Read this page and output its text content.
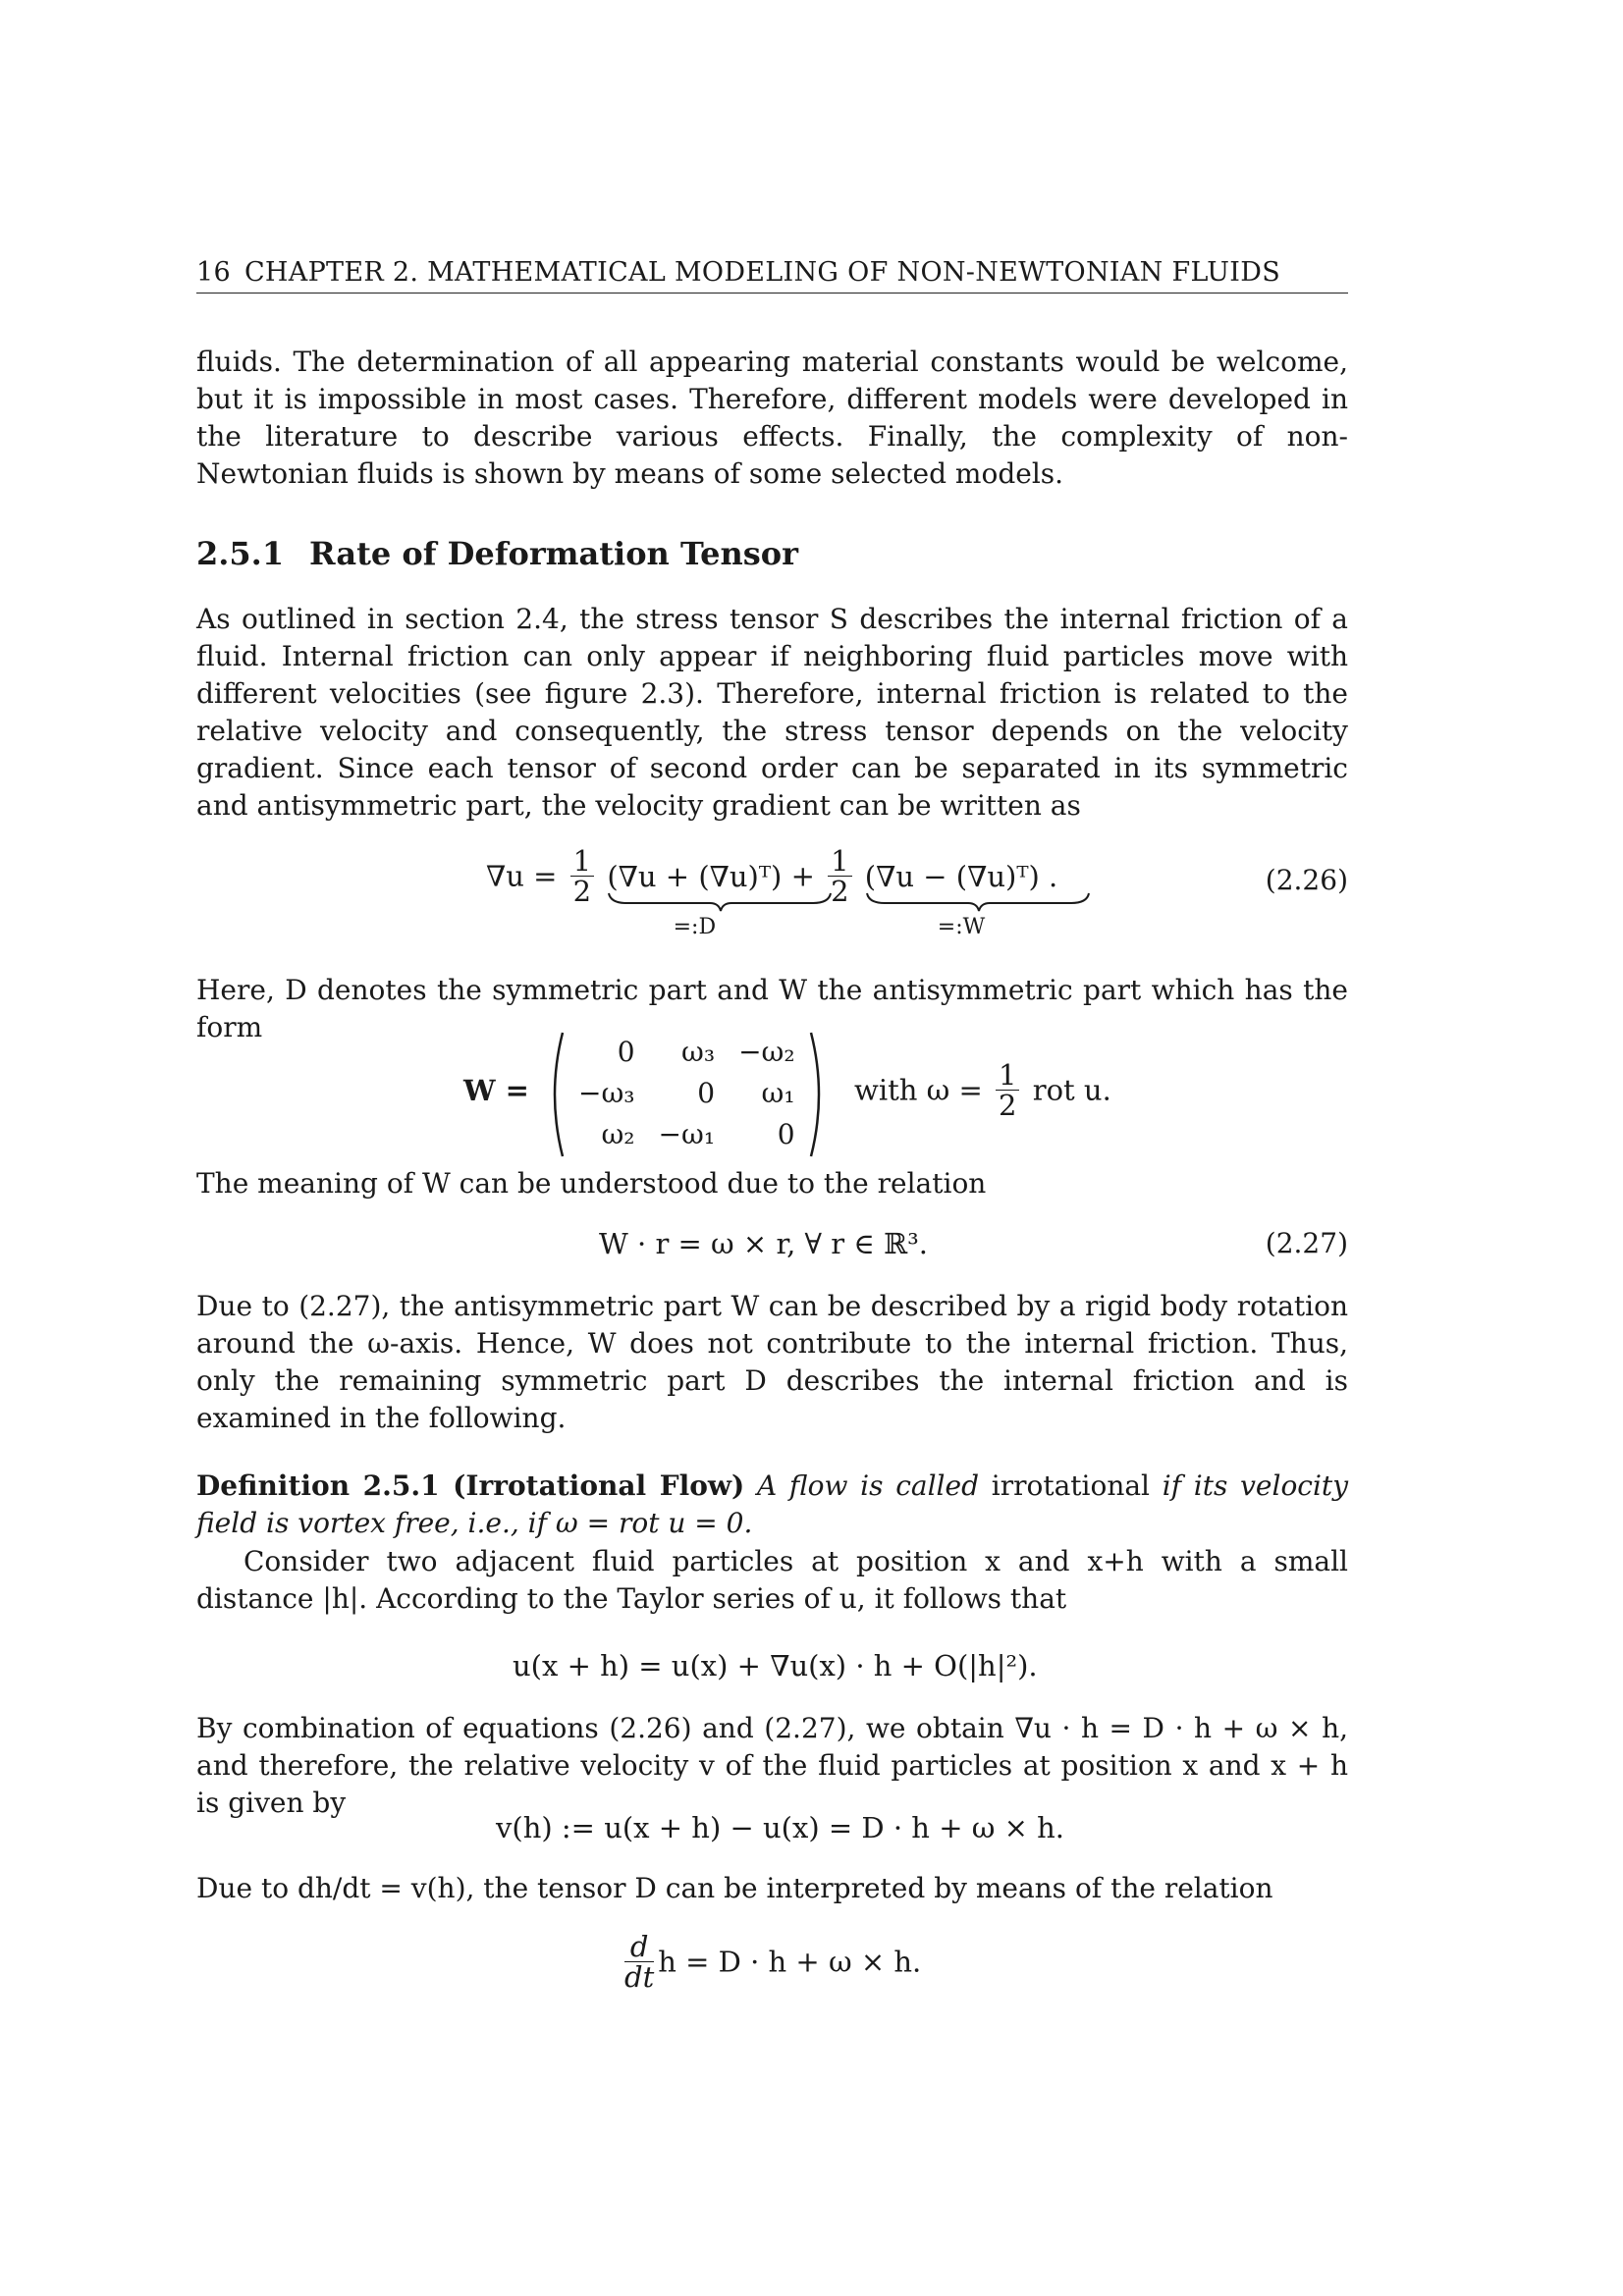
16 CHAPTER 2. MATHEMATICAL MODELING OF NON-NEWTONIAN FLUIDS

fluids. The determination of all appearing material constants would be welcome, but it is impossible in most cases. Therefore, different models were developed in the literature to describe various effects. Finally, the complexity of non-Newtonian fluids is shown by means of some selected models.

2.5.1 Rate of Deformation Tensor

As outlined in section 2.4, the stress tensor S describes the internal friction of a fluid. Internal friction can only appear if neighboring fluid particles move with different velocities (see figure 2.3). Therefore, internal friction is related to the relative velocity and consequently, the stress tensor depends on the velocity gradient. Since each tensor of second order can be separated in its symmetric and antisymmetric part, the velocity gradient can be written as

$\nabla u = \frac{1}{2} (\nabla u$ + (∇u)ᵀ)
=:D
+ $\frac{1}{2} (\nabla u$ − (∇u)ᵀ) .
=:W
(2.26)

Here, D denotes the symmetric part and W the antisymmetric part which has the form

W =
0	ω₃	−ω₂
−ω₃	0	ω₁
ω₂	−ω₁	0
with $\omega = \frac{1}{2}$ rot u.

The meaning of W can be understood due to the relation

W · r = ω × r, ∀ r ∈ ℝ³.	(2.27)

Due to (2.27), the antisymmetric part W can be described by a rigid body rotation around the ω-axis. Hence, W does not contribute to the internal friction. Thus, only the remaining symmetric part D describes the internal friction and is examined in the following.

Definition 2.5.1 (Irrotational Flow) A flow is called irrotational if its velocity field is vortex free, i.e., if ω = rot u = 0.

Consider two adjacent fluid particles at position x and x+h with a small distance |h|. According to the Taylor series of u, it follows that

u(x + h) = u(x) + ∇u(x) · h + O(|h|²).

By combination of equations (2.26) and (2.27), we obtain ∇u · h = D · h + ω × h, and therefore, the relative velocity v of the fluid particles at position x and x + h is given by

v(h) := u(x + h) − u(x) = D · h + ω × h.

Due to dh/dt = v(h), the tensor D can be interpreted by means of the relation

$\frac{d}{dt}$ h = D · h + ω × h.
